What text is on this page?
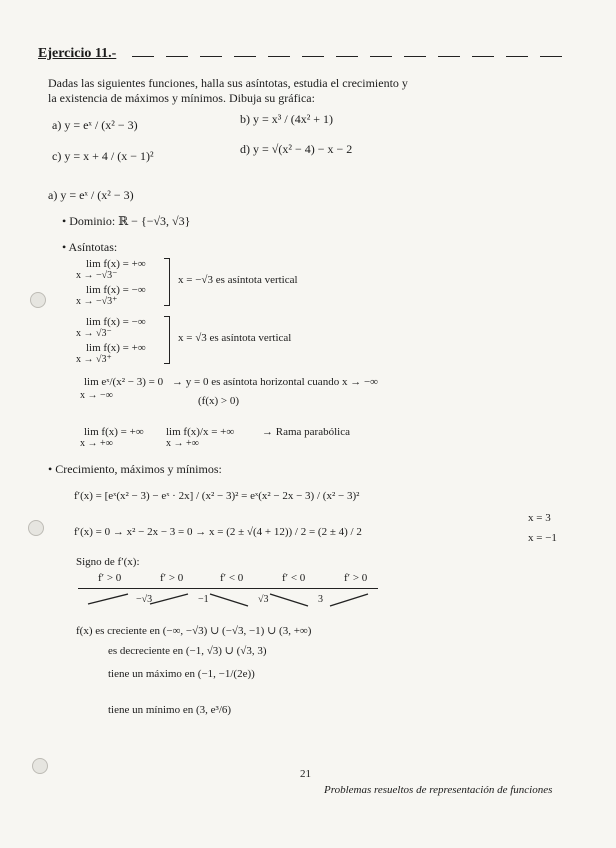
Ejercicio 11.-
Dadas las siguientes funciones, halla sus asíntotas, estudia el crecimiento y
la existencia de máximos y mínimos. Dibuja su gráfica:
a) y = eˣ / (x² − 3)	b) y = x³ / (4x² + 1)
c) y = x + 4 / (x − 1)²	d) y = √(x² − 4) − x − 2
a) y = eˣ / (x² − 3)
• Dominio: ℝ − {−√3, √3}
• Asíntotas:
lim f(x) = +∞
x → −√3⁻
lim f(x) = −∞
x → −√3⁺
x = −√3 es asíntota vertical
lim f(x) = −∞
x → √3⁻
lim f(x) = +∞
x → √3⁺
x = √3 es asíntota vertical
lim eˣ/(x² − 3) = 0
x → −∞
→ y = 0 es asíntota horizontal cuando x → −∞
(f(x) > 0)
lim f(x) = +∞
x → +∞
lim f(x)/x = +∞
x → +∞
→ Rama parabólica
• Crecimiento, máximos y mínimos:
f′(x) = [eˣ(x² − 3) − eˣ · 2x] / (x² − 3)² = eˣ(x² − 2x − 3) / (x² − 3)²
f′(x) = 0 → x² − 2x − 3 = 0 → x = (2 ± √(4 + 12)) / 2 = (2 ± 4) / 2
x = 3
x = −1
Signo de f′(x):
f′ > 0	f′ > 0	f′ < 0	f′ < 0	f′ > 0
−√3	−1	√3	3
f(x) es creciente en (−∞, −√3) ∪ (−√3, −1) ∪ (3, +∞)
es decreciente en (−1, √3) ∪ (√3, 3)
tiene un máximo en (−1, −1/(2e))
tiene un mínimo en (3, e³/6)
21
Problemas resueltos de representación de funciones
